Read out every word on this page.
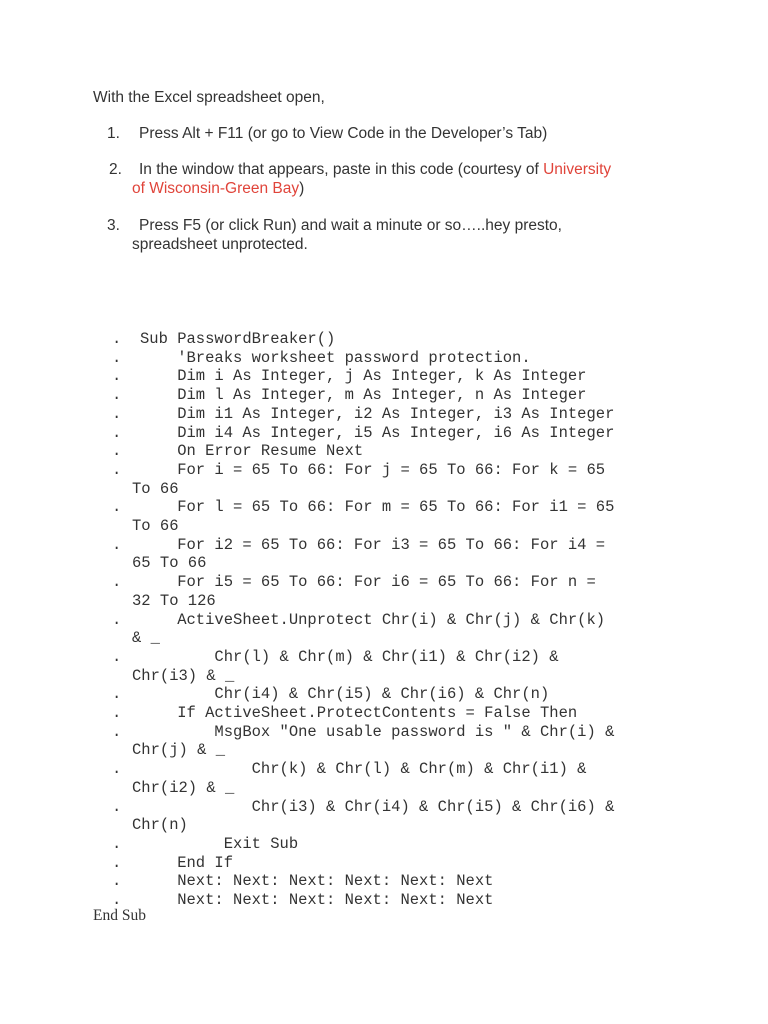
With the Excel spreadsheet open,
1. Press Alt + F11 (or go to View Code in the Developer’s Tab)
2. In the window that appears, paste in this code (courtesy of University
of Wisconsin-Green Bay)
3. Press F5 (or click Run) and wait a minute or so…..hey presto,
spreadsheet unprotected.
. Sub PasswordBreaker()
. 'Breaks worksheet password protection.
. Dim i As Integer, j As Integer, k As Integer
. Dim l As Integer, m As Integer, n As Integer
. Dim i1 As Integer, i2 As Integer, i3 As Integer
. Dim i4 As Integer, i5 As Integer, i6 As Integer
. On Error Resume Next
. For i = 65 To 66: For j = 65 To 66: For k = 65
To 66
. For l = 65 To 66: For m = 65 To 66: For i1 = 65
To 66
. For i2 = 65 To 66: For i3 = 65 To 66: For i4 =
65 To 66
. For i5 = 65 To 66: For i6 = 65 To 66: For n =
32 To 126
. ActiveSheet.Unprotect Chr(i) & Chr(j) & Chr(k)
& _
. Chr(l) & Chr(m) & Chr(i1) & Chr(i2) &
Chr(i3) & _
. Chr(i4) & Chr(i5) & Chr(i6) & Chr(n)
. If ActiveSheet.ProtectContents = False Then
. MsgBox "One usable password is " & Chr(i) &
Chr(j) & _
. Chr(k) & Chr(l) & Chr(m) & Chr(i1) &
Chr(i2) & _
. Chr(i3) & Chr(i4) & Chr(i5) & Chr(i6) &
Chr(n)
. Exit Sub
. End If
. Next: Next: Next: Next: Next: Next
. Next: Next: Next: Next: Next: Next
End Sub
